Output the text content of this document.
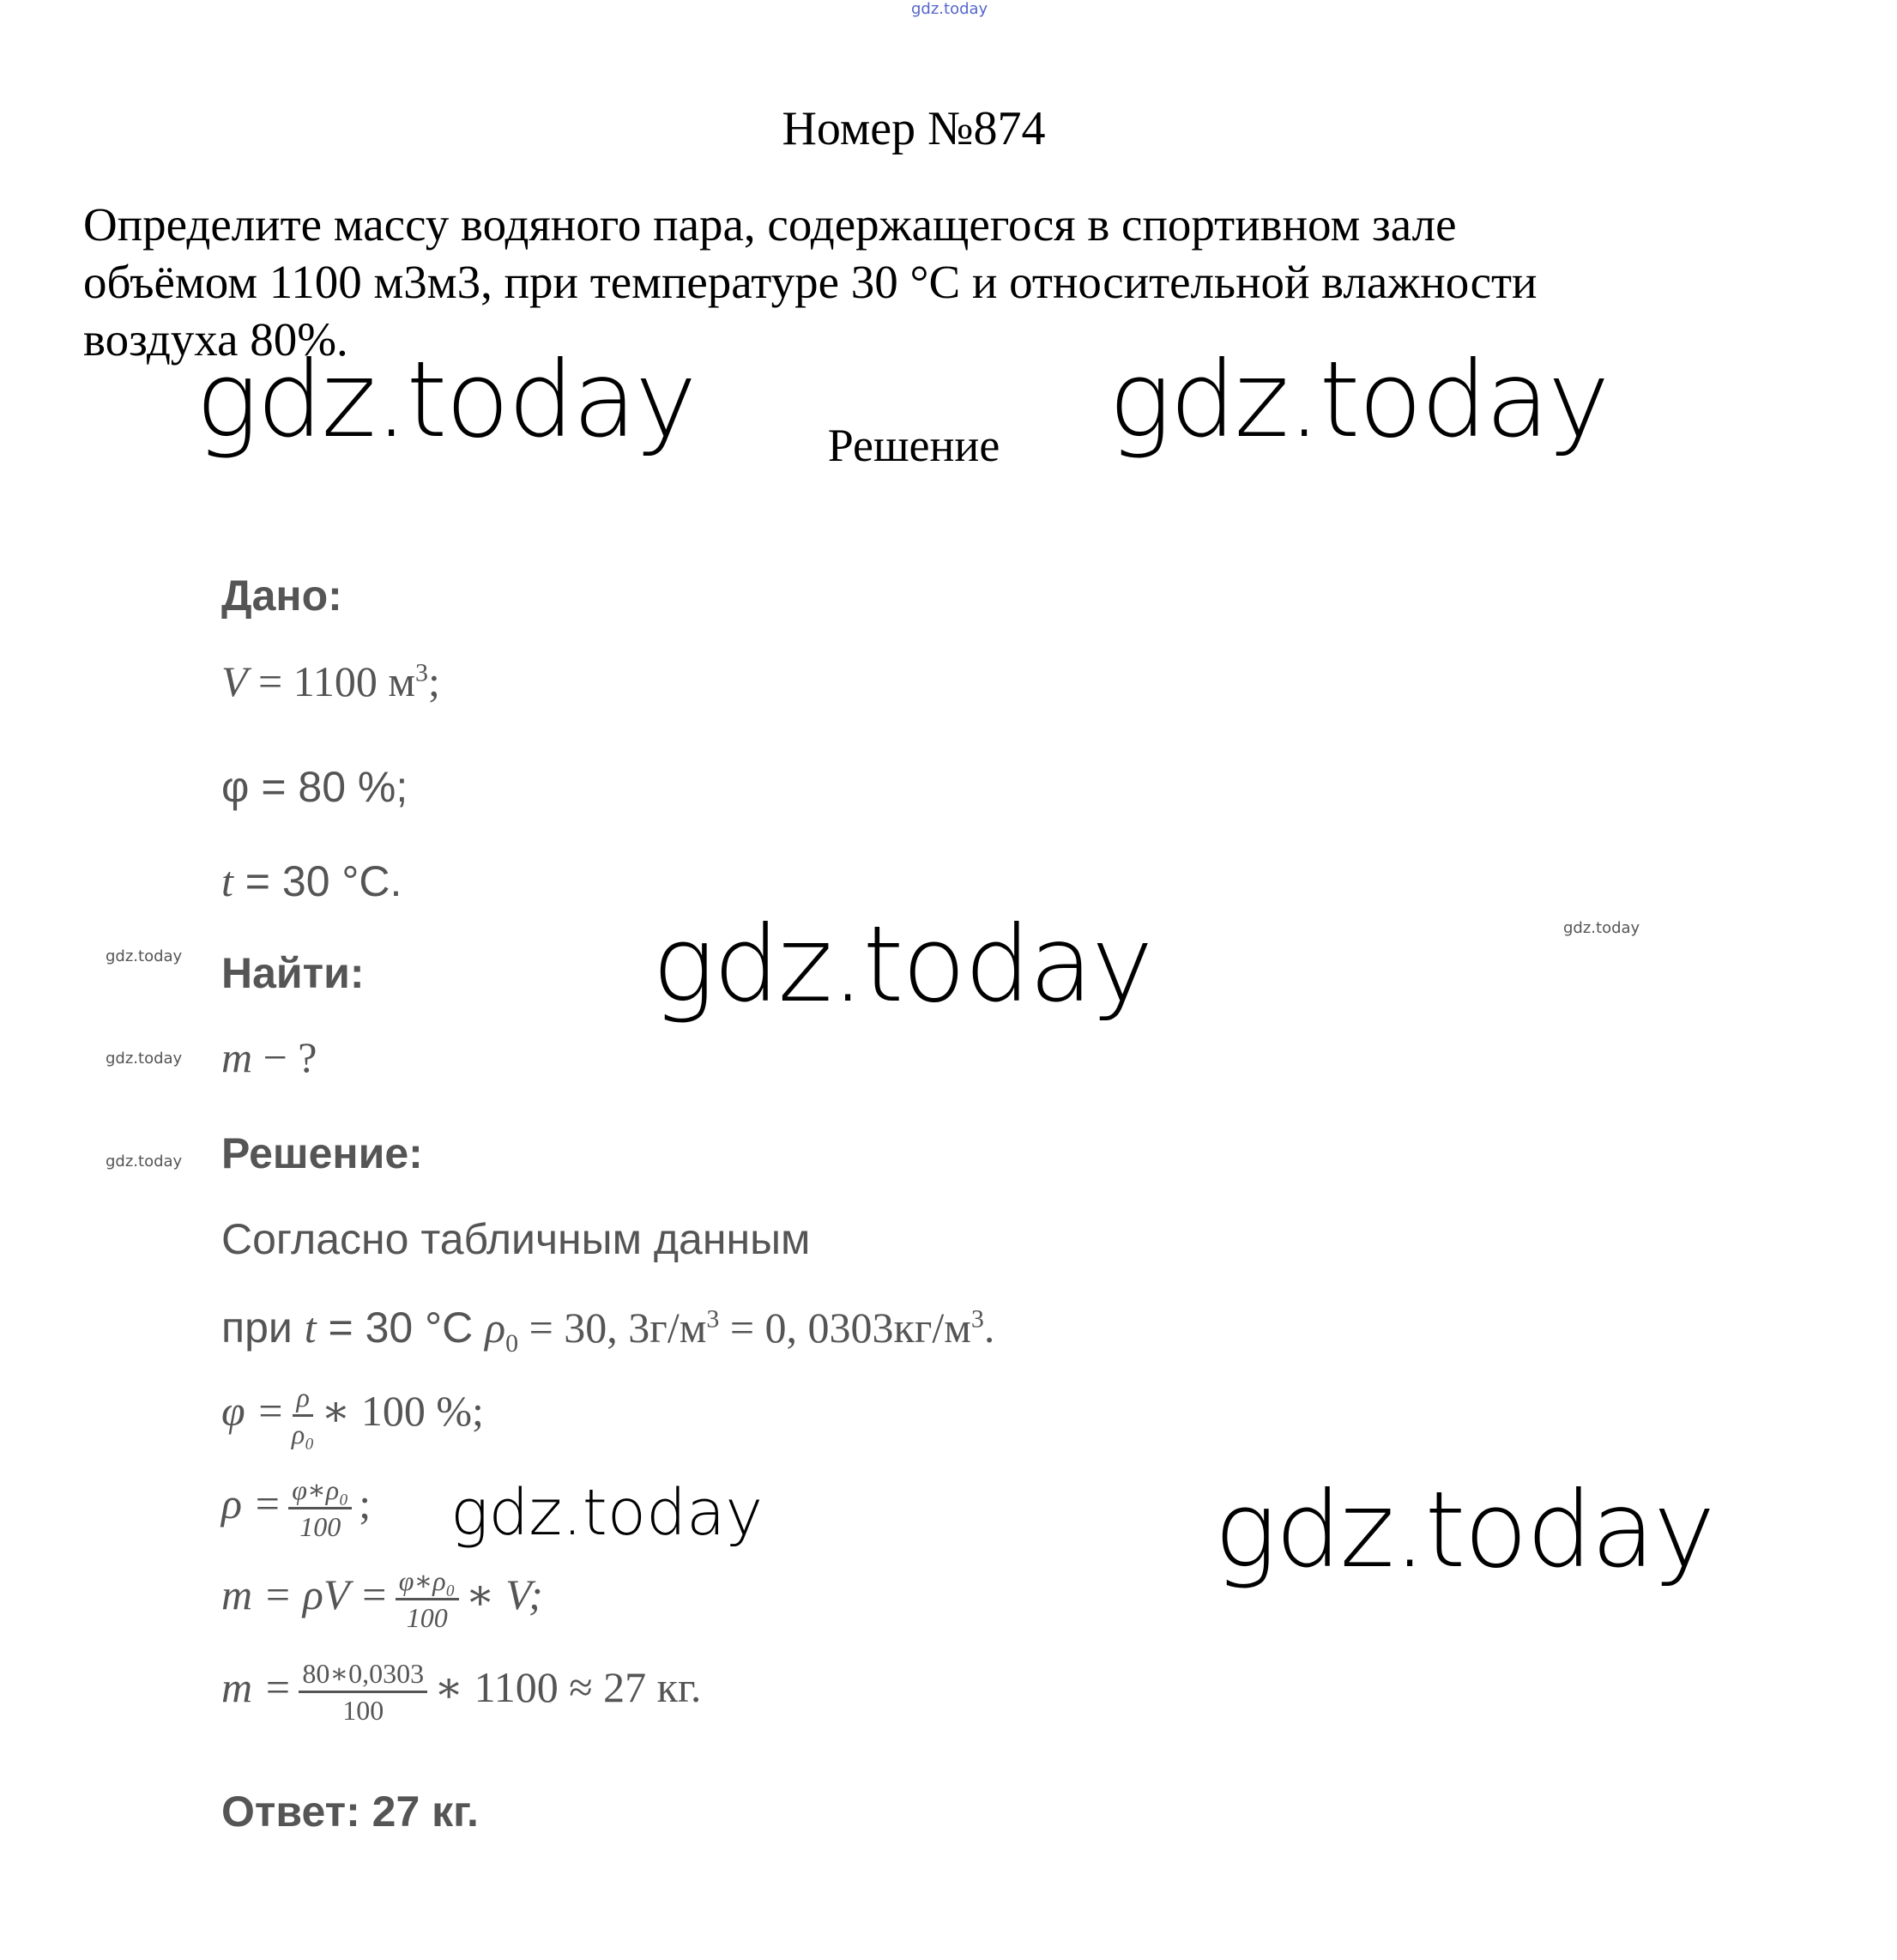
gdz.today
gdz.today	gdz.today
gdz.today
gdz.today
gdz.today
gdz.today
gdz.today
gdz.today
gdz.today
Номер №874
Определите массу водяного пара, содержащегося в спортивном зале
объёмом 1100 м3м3, при температуре 30 °C и относительной влажности
воздуха 80%.
Решение
Дано:
V = 1100 $м^3$;
φ = 80 %;
t = 30 °C.
Найти:
m − ?
Решение:
Согласно табличным данным
при t = 30 °C $\rho_0 = 30$, $3г/м^3 = 0$, $0303кг/м^3$.
$\varphi = \frac{\rho}{\text{ρ₀}}$ ∗ 100 %;
$\rho = \frac{\text{φ∗ρ₀}}{100}$ ;
$m = \rho V = \frac{\text{φ∗ρ₀}}{100}$ ∗ V;
$m = \frac{80∗0,0303}{100}$ ∗ 1100 ≈ 27 кг.
Ответ: 27 кг.
